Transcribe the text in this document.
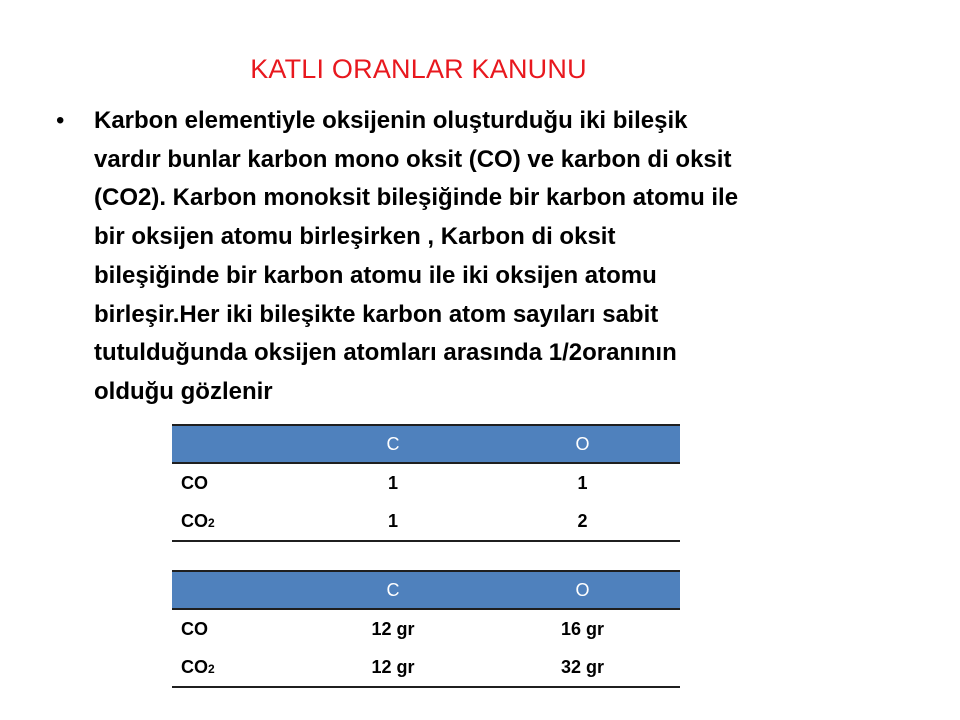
KATLI ORANLAR KANUNU
• Karbon elementiyle oksijenin oluşturduğu iki bileşik
vardır bunlar karbon mono oksit (CO) ve karbon di oksit
(CO2). Karbon monoksit bileşiğinde bir karbon atomu ile
bir oksijen atomu birleşirken , Karbon di oksit
bileşiğinde bir karbon atomu ile iki oksijen atomu
birleşir.Her iki bileşikte karbon atom sayıları sabit
tutulduğunda oksijen atomları arasında 1/2oranının
olduğu gözlenir
	C	O
CO	1	1
CO2	1	2
	C	O
CO	12 gr	16 gr
CO2	12 gr	32 gr
